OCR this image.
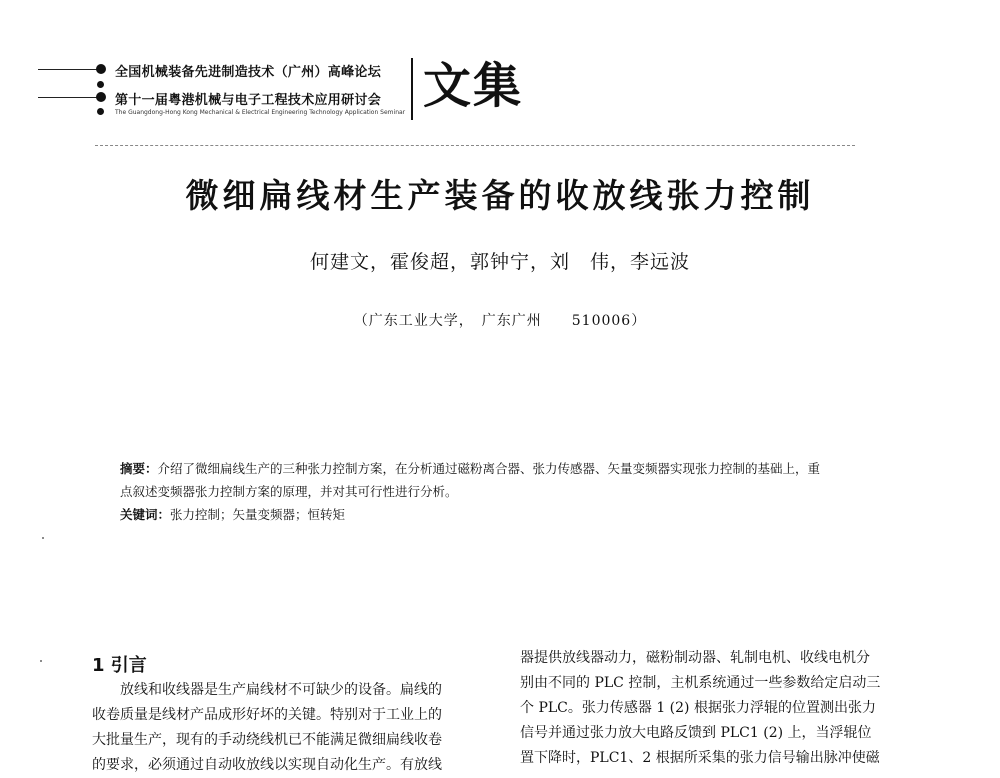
全国机械装备先进制造技术（广州）高峰论坛
第十一届粤港机械与电子工程技术应用研讨会
The Guangdong-Hong Kong Mechanical & Electrical Engineering Technology Application Seminar 文集
微细扁线材生产装备的收放线张力控制
何建文，霍俊超，郭钟宁，刘　伟，李远波
（广东工业大学，　广东广州　　510006）

摘要：介绍了微细扁线生产的三种张力控制方案，在分析通过磁粉离合器、张力传感器、矢量变频器实现张力控制的基础上，重

点叙述变频器张力控制方案的原理，并对其可行性进行分析。

关键词：张力控制；矢量变频器；恒转矩

1 引言

　　放线和收线器是生产扁线材不可缺少的设备。扁线的

收卷质量是线材产品成形好坏的关键。特别对于工业上的

大批量生产，现有的手动绕线机已不能满足微细扁线收卷

的要求，必须通过自动收放线以实现自动化生产。有放线

器提供放线器动力，磁粉制动器、轧制电机、收线电机分

别由不同的 PLC 控制，主机系统通过一些参数给定启动三

个 PLC。张力传感器 1 (2) 根据张力浮辊的位置测出张力

信号并通过张力放大电路反馈到 PLC1 (2) 上，当浮辊位

置下降时，PLC1、2 根据所采集的张力信号输出脉冲使磁
